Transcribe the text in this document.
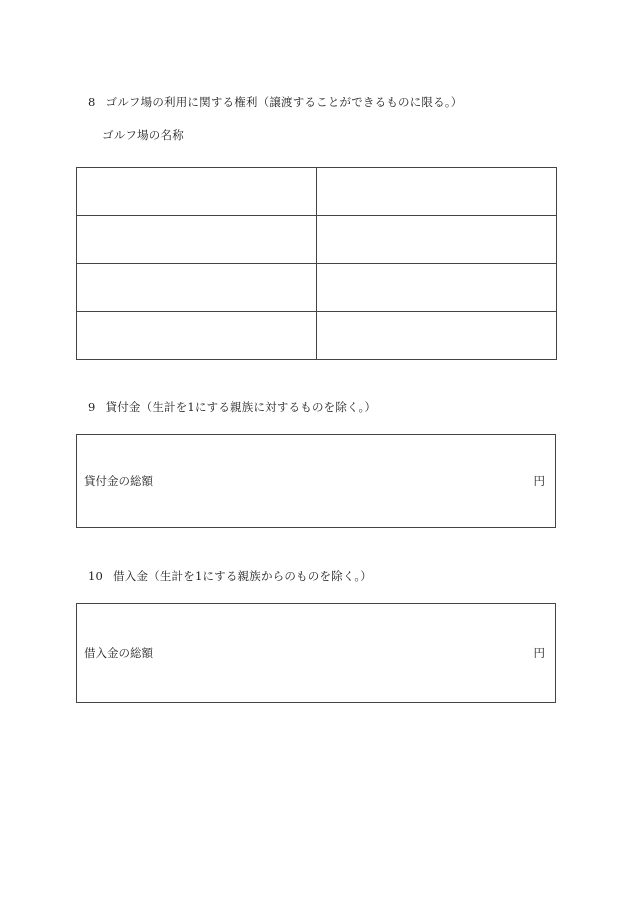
8 ゴルフ場の利用に関する権利（譲渡することができるものに限る。）
ゴルフ場の名称

9 貸付金（生計を1にする親族に対するものを除く。）
貸付金の総額	円
10 借入金（生計を1にする親族からのものを除く。）
借入金の総額	円
